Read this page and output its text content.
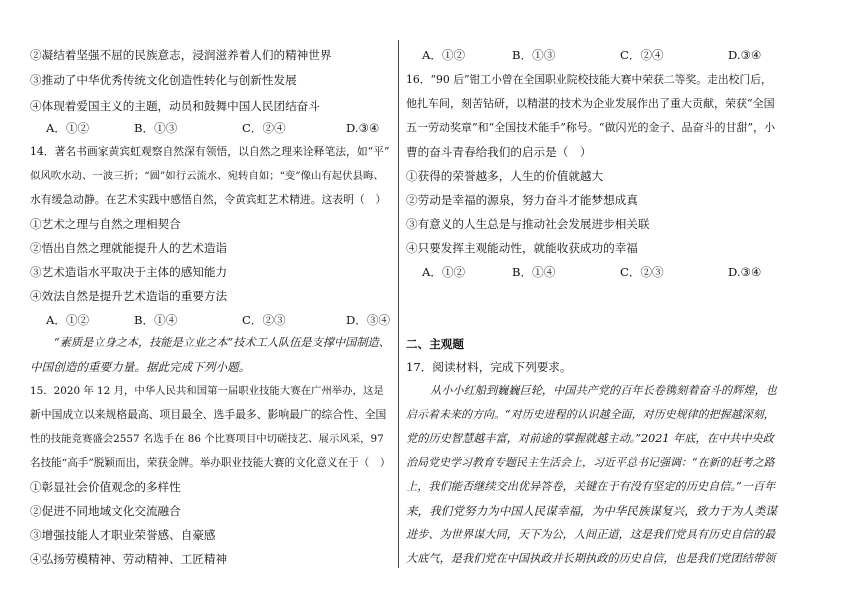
②凝结着坚强不屈的民族意志，浸润滋养着人们的精神世界
③推动了中华优秀传统文化创造性转化与创新性发展
④体现着爱国主义的主题，动员和鼓舞中国人民团结奋斗
A．①②	B．①③	C．②④	D.③④
14．著名书画家黄宾虹观察自然深有领悟，以自然之理来诠释笔法，如“平”
似风吹水动、一波三折；“圆”如行云流水、宛转自如；“变”像山有起伏县晦、
水有缓急动静。在艺术实践中感悟自然，令黄宾虹艺术精进。这表明（　）
①艺术之理与自然之理相契合
②悟出自然之理就能提升人的艺术造诣
③艺术造诣水平取决于主体的感知能力
④效法自然是提升艺术造诣的重要方法
A．①②	B．①④	C．②③	D．③④
“素质是立身之本，技能是立业之本”技术工人队伍是支撑中国制造、
中国创造的重要力量。据此完成下列小题。
15．2020 年 12 月，中华人民共和国第一届职业技能大赛在广州举办，这是
新中国成立以来规格最高、项目最全、选手最多、影响最广的综合性、全国
性的技能竞赛盛会2557 名选手在 86 个比赛项目中切磋技艺、展示风采，97
名技能“高手”脱颖而出，荣获金牌。举办职业技能大赛的文化意义在于（　）
①彰显社会价值观念的多样性
②促进不同地域文化交流融合
③增强技能人才职业荣誉感、自豪感
④弘扬劳模精神、劳动精神、工匠精神
A．①②	B．①③	C．②④	D.③④
16．“90 后”钳工小曾在全国职业院校技能大赛中荣获二等奖。走出校门后，
他扎车间，刻苦钻研，以精湛的技术为企业发展作出了重大贡献，荣获“全国
五一劳动奖章”和“全国技术能手”称号。“做闪光的金子、品奋斗的甘甜”，小
曹的奋斗青春给我们的启示是（　）
①获得的荣誉越多，人生的价值就越大
②劳动是幸福的源泉，努力奋斗才能梦想成真
③有意义的人生总是与推动社会发展进步相关联
④只要发挥主观能动性，就能收获成功的幸福
A．①②	B．①④	C．②③	D.③④
二、主观题
17．阅读材料，完成下列要求。
从小小红船到巍巍巨轮，中国共产党的百年长卷镌刻着奋斗的辉煌，也
启示着未来的方向。“对历史进程的认识越全面，对历史规律的把握越深刻，
党的历史智慧越丰富，对前途的掌握就越主动。”2021 年底，在中共中央政
治局党史学习教育专题民主生活会上，习近平总书记强调：“在新的赶考之路
上，我们能否继续交出优异答卷，关键在于有没有坚定的历史自信。”一百年
来，我们党努力为中国人民谋幸福，为中华民族谋复兴，致力于为人类谋
进步、为世界谋大同，天下为公，人间正道，这是我们党具有历史自信的最
大底气，是我们党在中国执政并长期执政的历史自信，也是我们党团结带领
